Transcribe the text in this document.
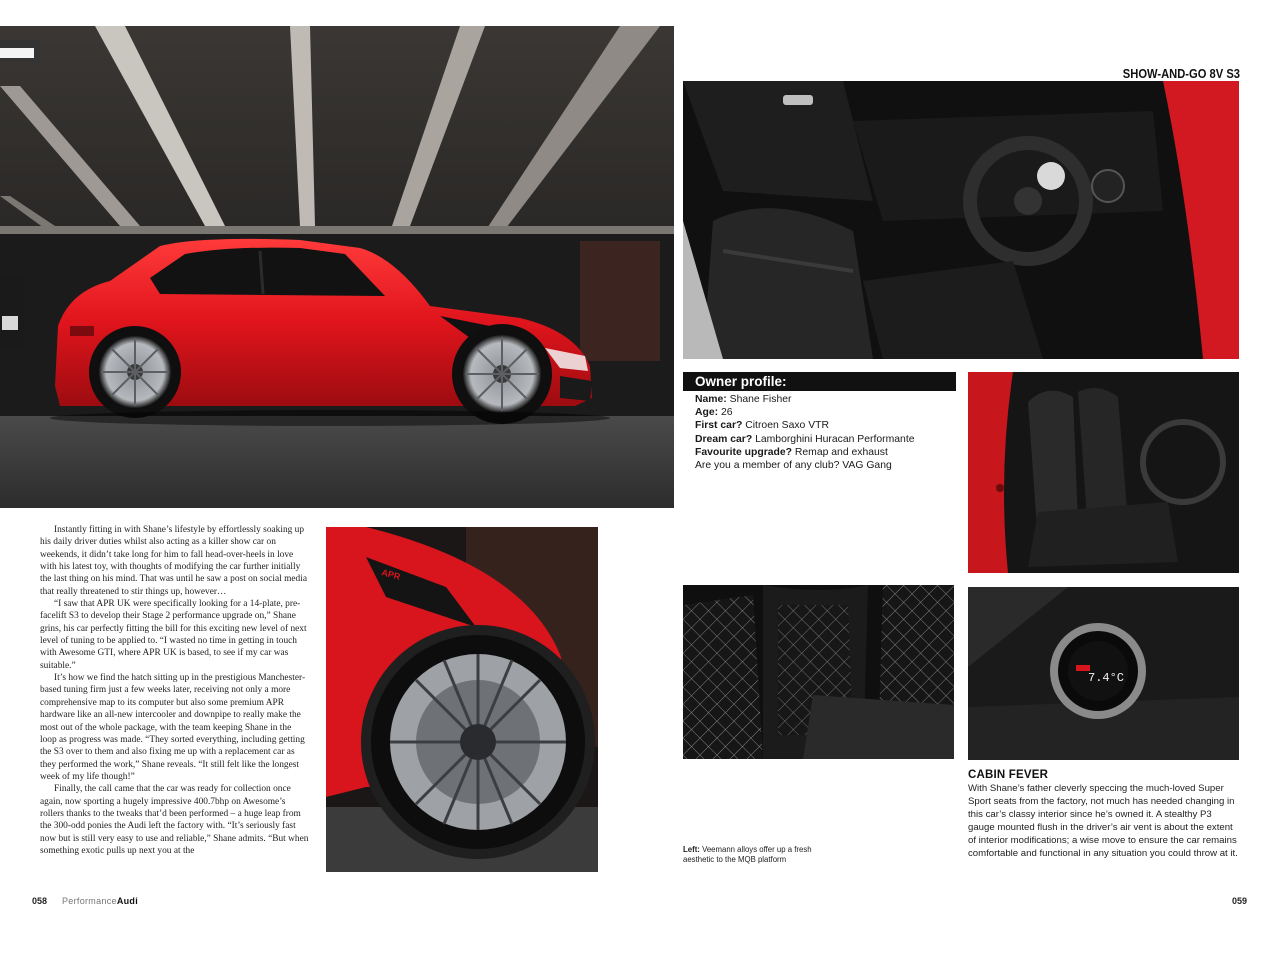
SHOW-AND-GO 8V S3
Owner profile:
Name: Shane Fisher
Age: 26
First car? Citroen Saxo VTR
Dream car? Lamborghini Huracan Performante
Favourite upgrade? Remap and exhaust
Are you a member of any club? VAG Gang

Instantly fitting in with Shane’s lifestyle by effortlessly soaking up his daily driver duties whilst also acting as a killer show car on weekends, it didn’t take long for him to fall head-over-heels in love with his latest toy, with thoughts of modifying the car further initially the last thing on his mind. That was until he saw a post on social media that really threatened to stir things up, however…

“I saw that APR UK were specifically looking for a 14-plate, pre-facelift S3 to develop their Stage 2 performance upgrade on,” Shane grins, his car perfectly fitting the bill for this exciting new level of next level of tuning to be applied to. “I wasted no time in getting in touch with Awesome GTI, where APR UK is based, to see if my car was suitable.”

It’s how we find the hatch sitting up in the prestigious Manchester-based tuning firm just a few weeks later, receiving not only a more comprehensive map to its computer but also some premium APR hardware like an all-new intercooler and downpipe to really make the most out of the whole package, with the team keeping Shane in the loop as progress was made. “They sorted everything, including getting the S3 over to them and also fixing me up with a replacement car as they performed the work,” Shane reveals. “It still felt like the longest week of my life though!”

Finally, the call came that the car was ready for collection once again, now sporting a hugely impressive 400.7bhp on Awesome’s rollers thanks to the tweaks that’d been performed – a huge leap from the 300-odd ponies the Audi left the factory with. “It’s seriously fast now but is still very easy to use and reliable,” Shane admits. “But when something exotic pulls up next you at the

APR
7.4°C
Left: Veemann alloys offer up a fresh aesthetic to the MQB platform
CABIN FEVER
With Shane’s father cleverly speccing the much-loved Super Sport seats from the factory, not much has needed changing in this car’s classy interior since he’s owned it. A stealthy P3 gauge mounted flush in the driver’s air vent is about the extent of interior modifications; a wise move to ensure the car remains comfortable and functional in any situation you could throw at it.
058 PerformanceAudi	059
